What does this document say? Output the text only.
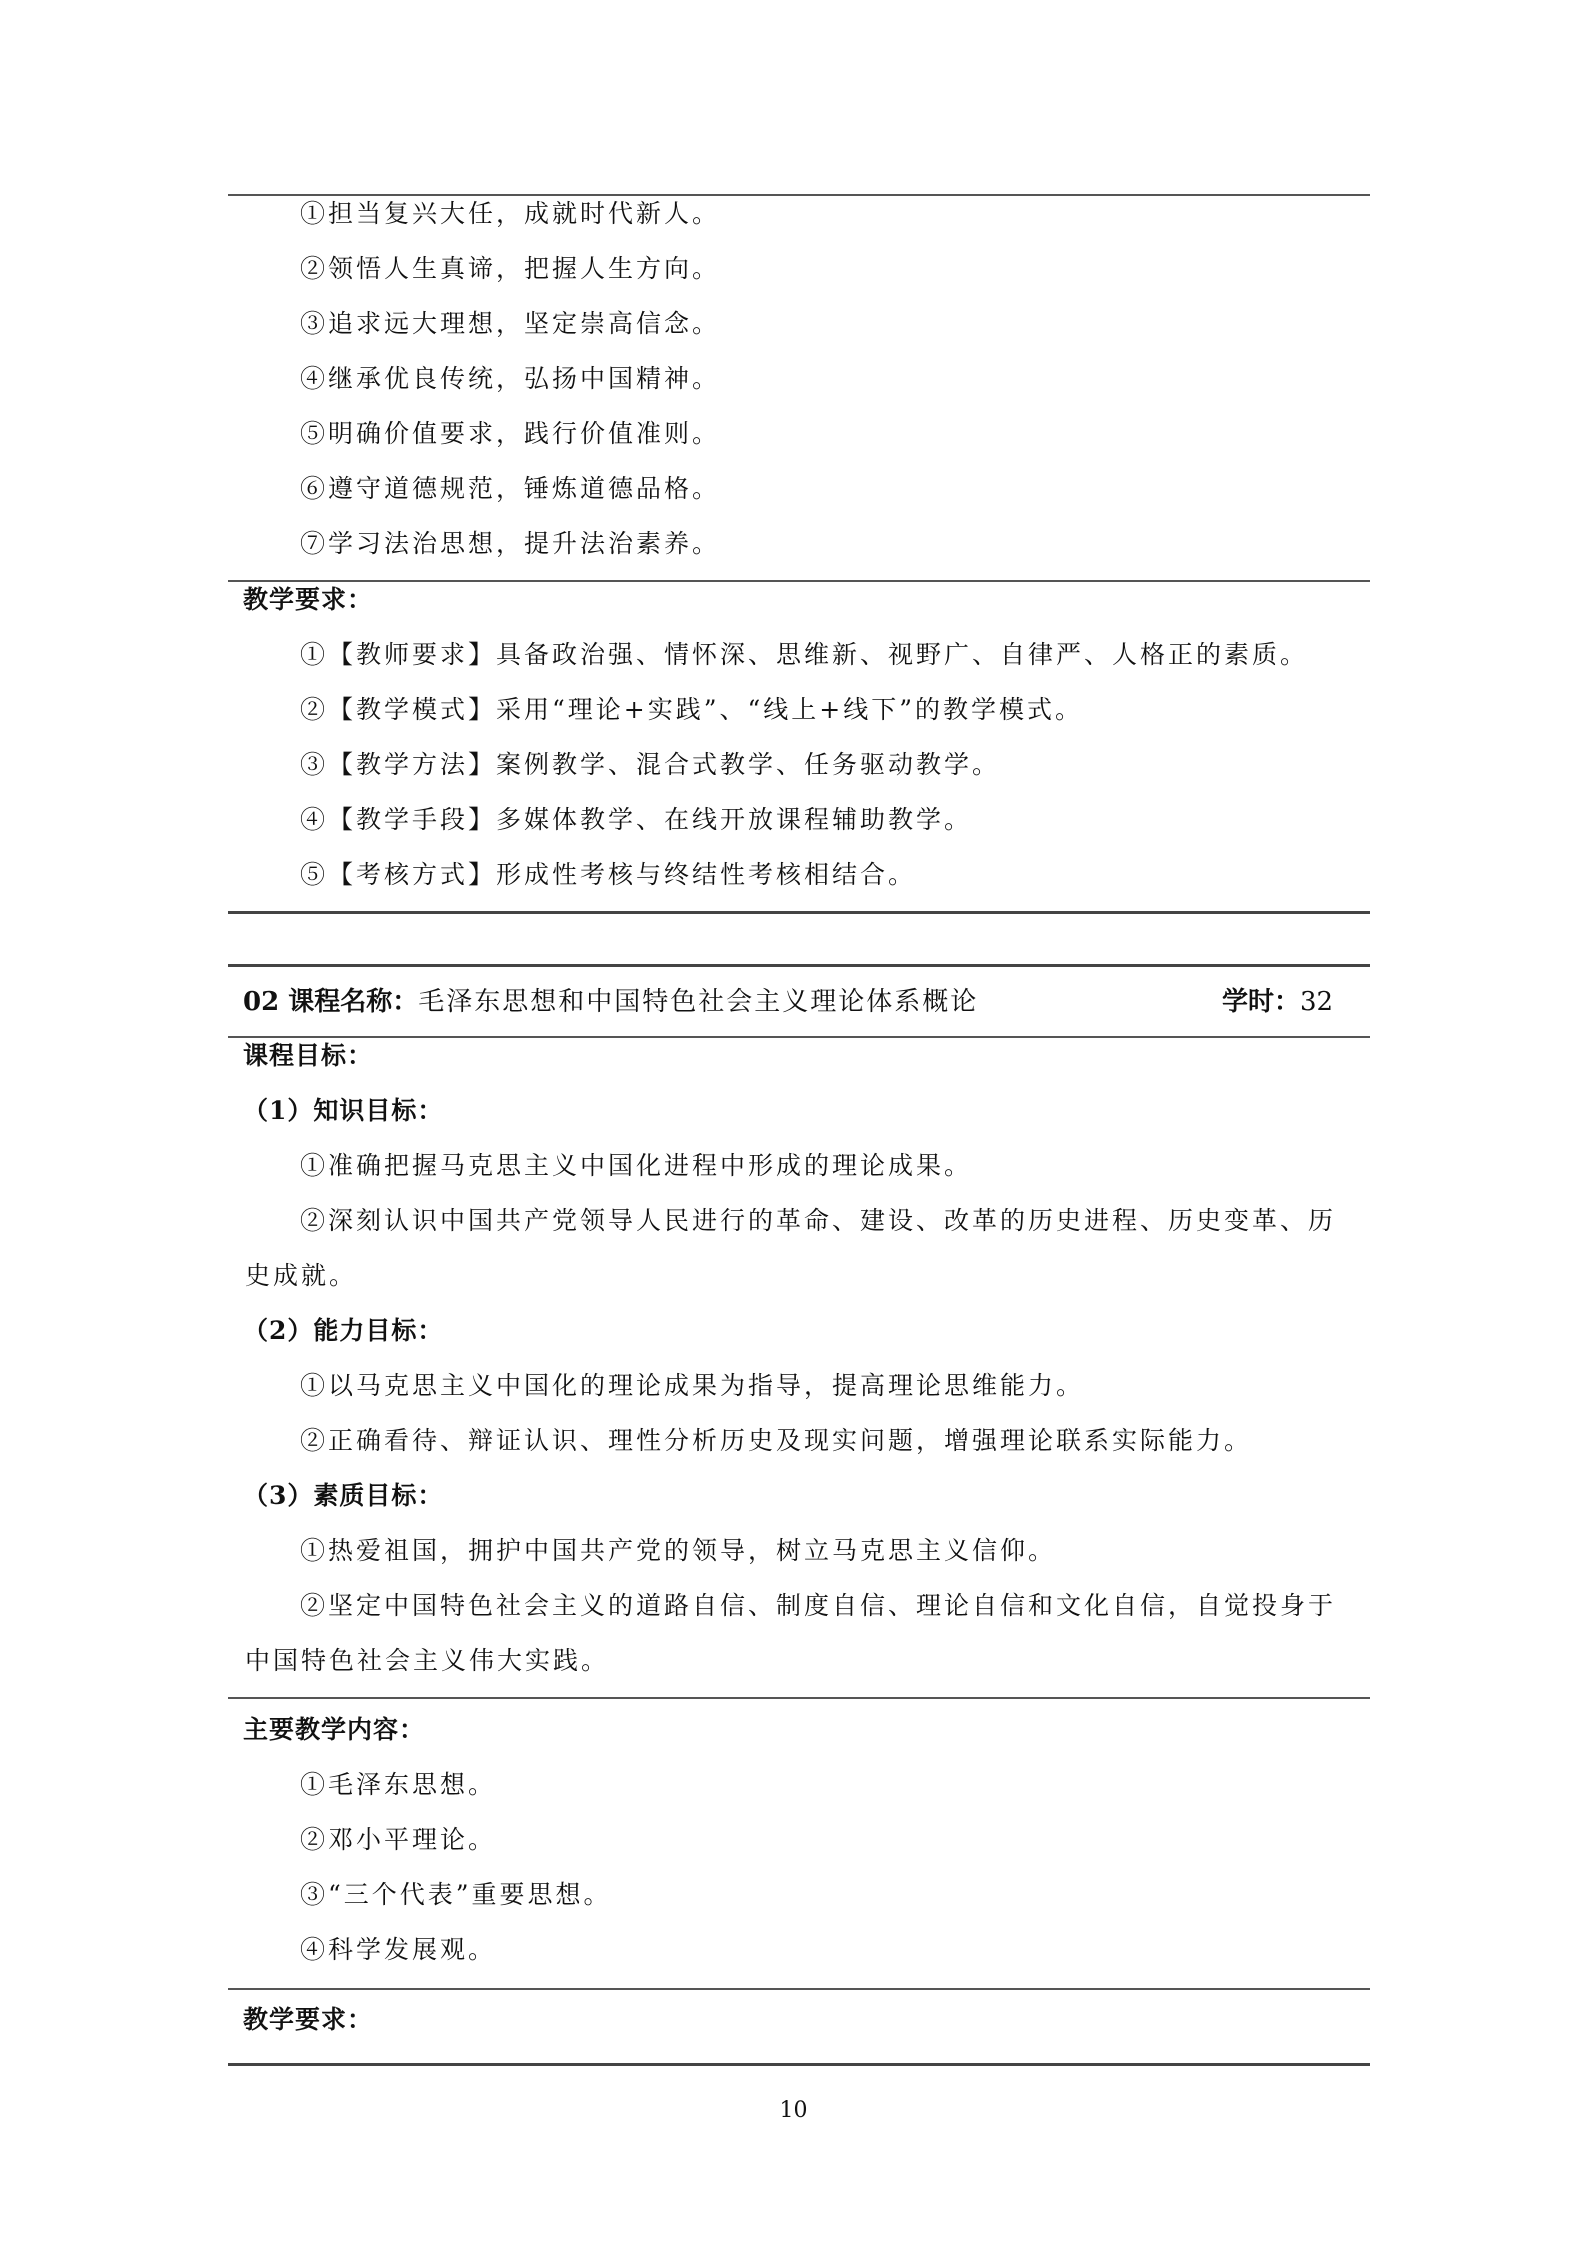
①担当复兴大任，成就时代新人。
②领悟人生真谛，把握人生方向。
③追求远大理想，坚定崇高信念。
④继承优良传统，弘扬中国精神。
⑤明确价值要求，践行价值准则。
⑥遵守道德规范，锤炼道德品格。
⑦学习法治思想，提升法治素养。
教学要求：
①【教师要求】具备政治强、情怀深、思维新、视野广、自律严、人格正的素质。
②【教学模式】采用“理论+实践”、“线上+线下”的教学模式。
③【教学方法】案例教学、混合式教学、任务驱动教学。
④【教学手段】多媒体教学、在线开放课程辅助教学。
⑤【考核方式】形成性考核与终结性考核相结合。
02 课程名称：毛泽东思想和中国特色社会主义理论体系概论	学时：32
课程目标：
（1）知识目标：
①准确把握马克思主义中国化进程中形成的理论成果。
②深刻认识中国共产党领导人民进行的革命、建设、改革的历史进程、历史变革、历
史成就。
（2）能力目标：
①以马克思主义中国化的理论成果为指导，提高理论思维能力。
②正确看待、辩证认识、理性分析历史及现实问题，增强理论联系实际能力。
（3）素质目标：
①热爱祖国，拥护中国共产党的领导，树立马克思主义信仰。
②坚定中国特色社会主义的道路自信、制度自信、理论自信和文化自信，自觉投身于
中国特色社会主义伟大实践。
主要教学内容：
①毛泽东思想。
②邓小平理论。
③“三个代表”重要思想。
④科学发展观。
教学要求：
10
